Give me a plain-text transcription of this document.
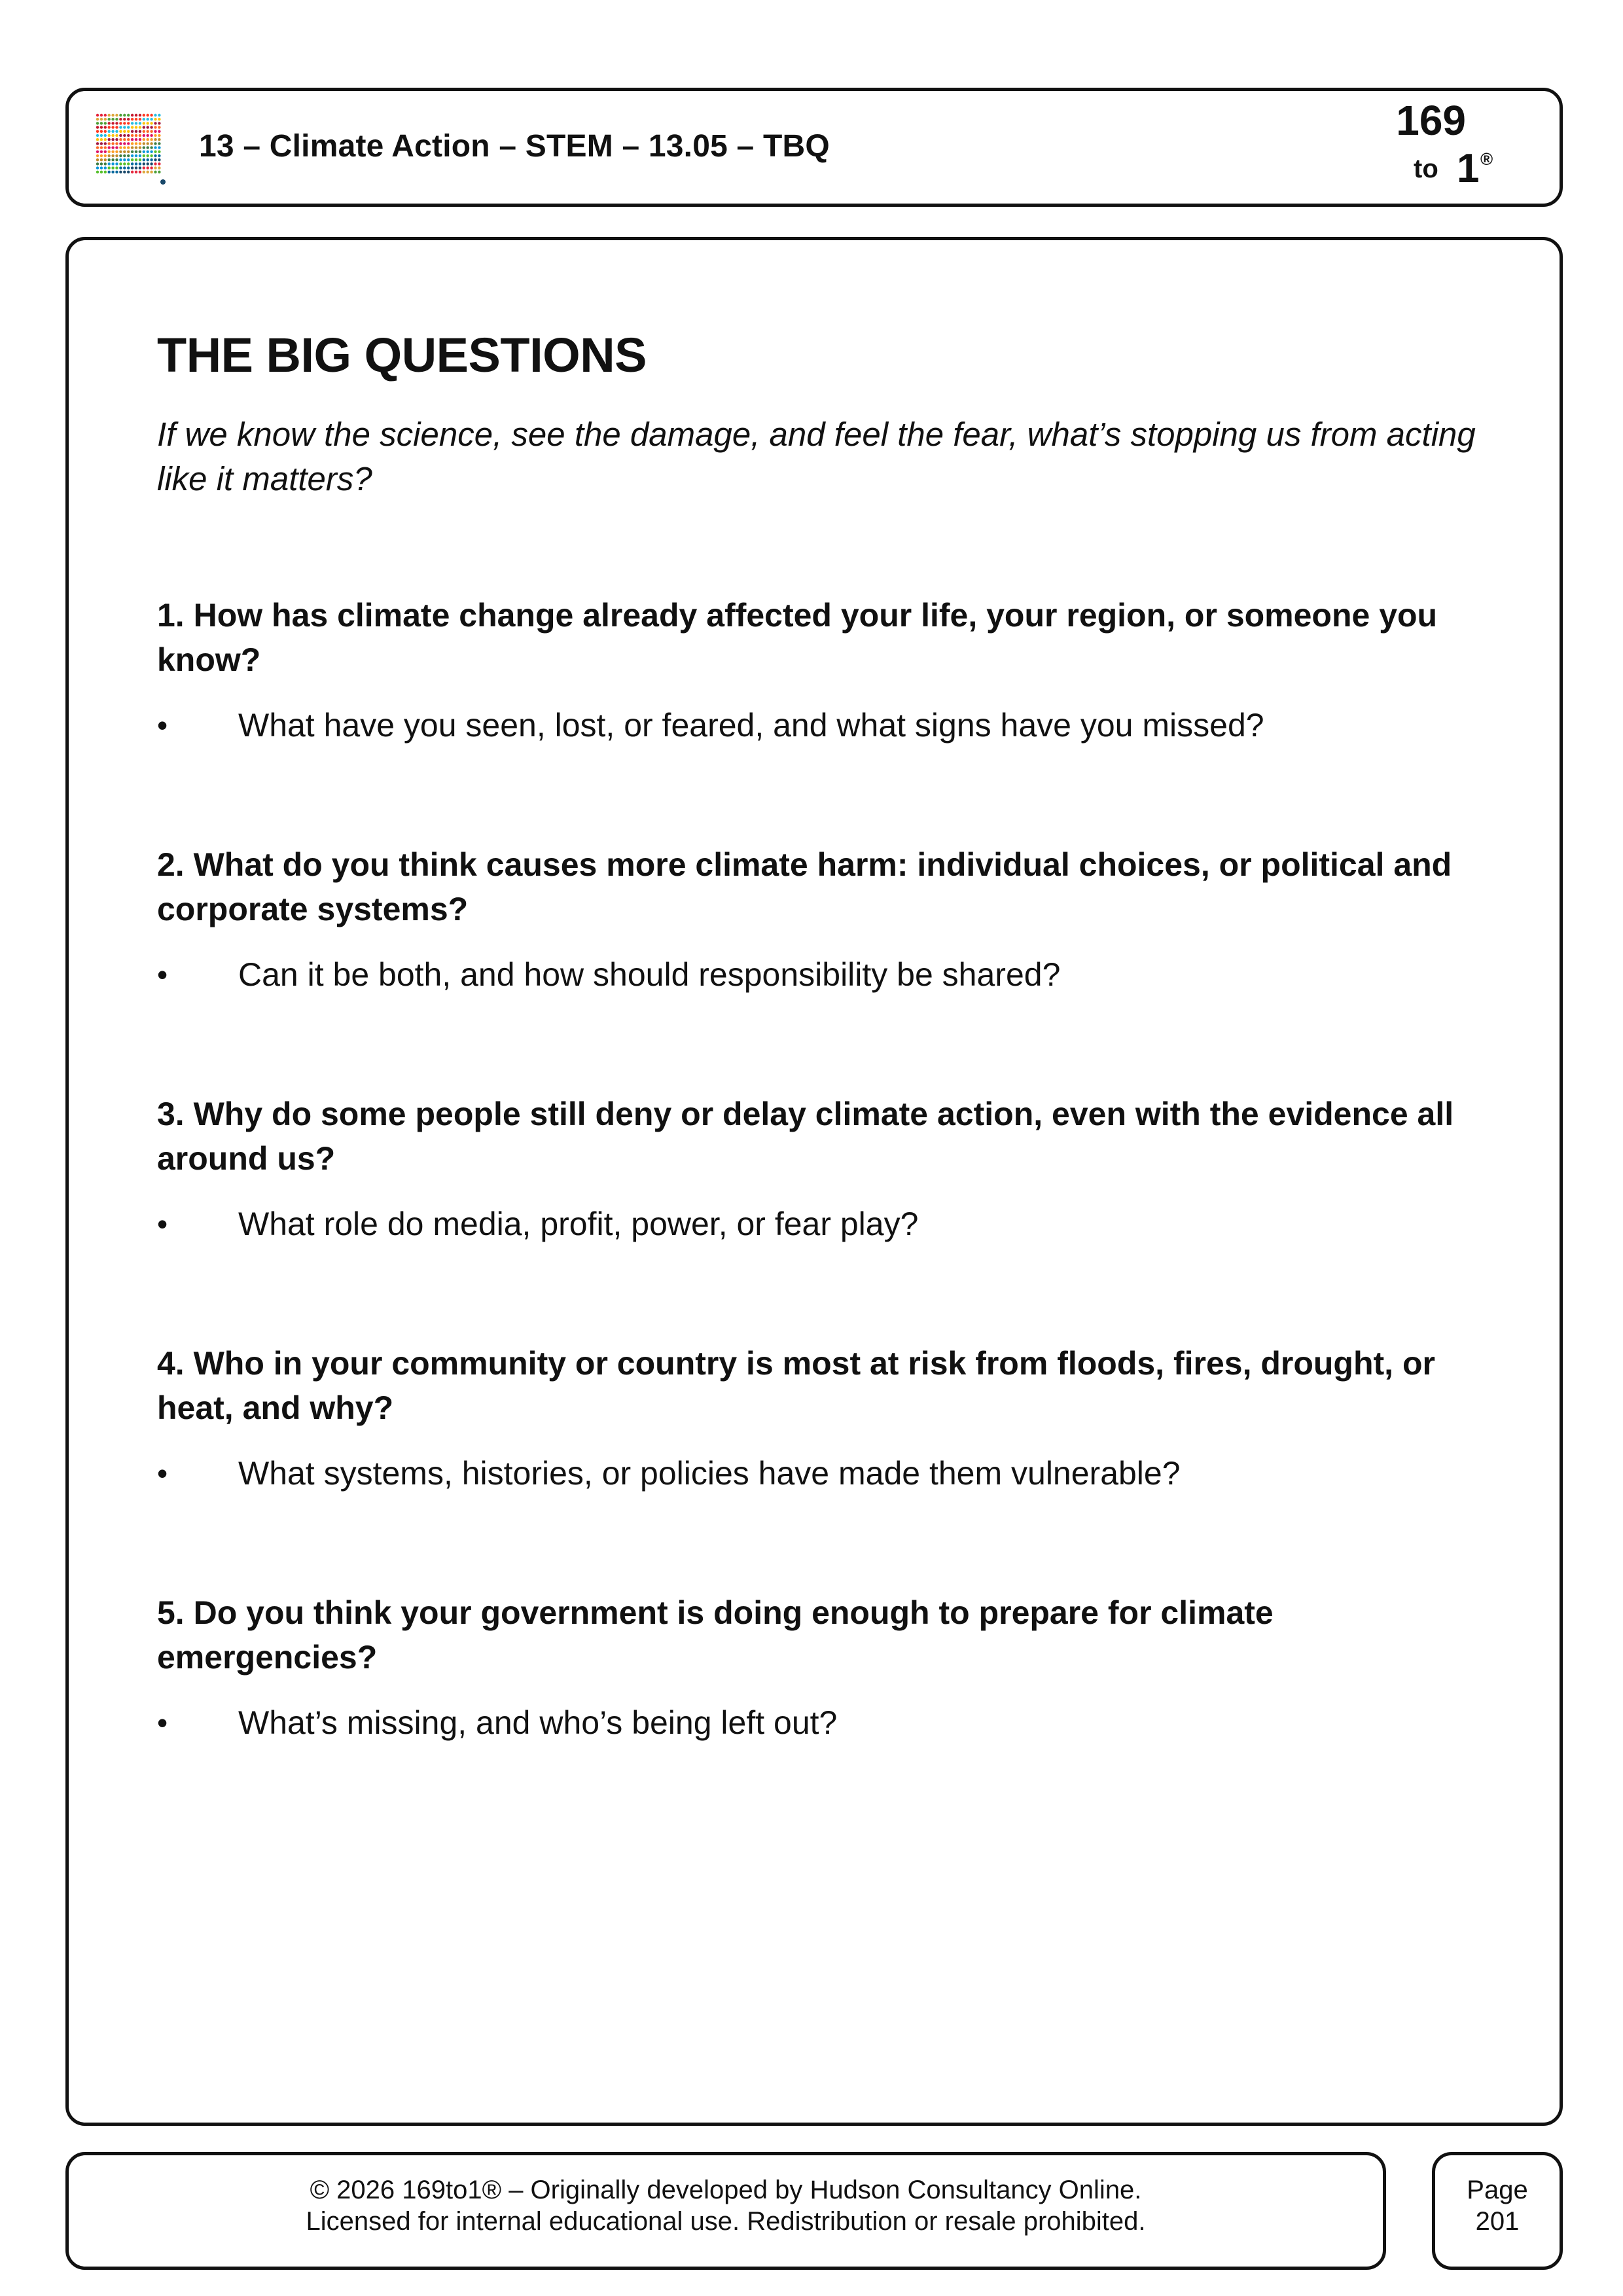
13 – Climate Action – STEM – 13.05 – TBQ
169
to 1 ®
THE BIG QUESTIONS

If we know the science, see the damage, and feel the fear, what’s stopping us from acting like it matters?

1. How has climate change already affected your life, your region, or someone you know?
• What have you seen, lost, or feared, and what signs have you missed?
2. What do you think causes more climate harm: individual choices, or political and corporate systems?
• Can it be both, and how should responsibility be shared?
3. Why do some people still deny or delay climate action, even with the evidence all around us?
• What role do media, profit, power, or fear play?
4. Who in your community or country is most at risk from floods, fires, drought, or heat, and why?
• What systems, histories, or policies have made them vulnerable?
5. Do you think your government is doing enough to prepare for climate emergencies?
• What’s missing, and who’s being left out?
© 2026 169to1® – Originally developed by Hudson Consultancy Online.
Licensed for internal educational use. Redistribution or resale prohibited.
Page
201
